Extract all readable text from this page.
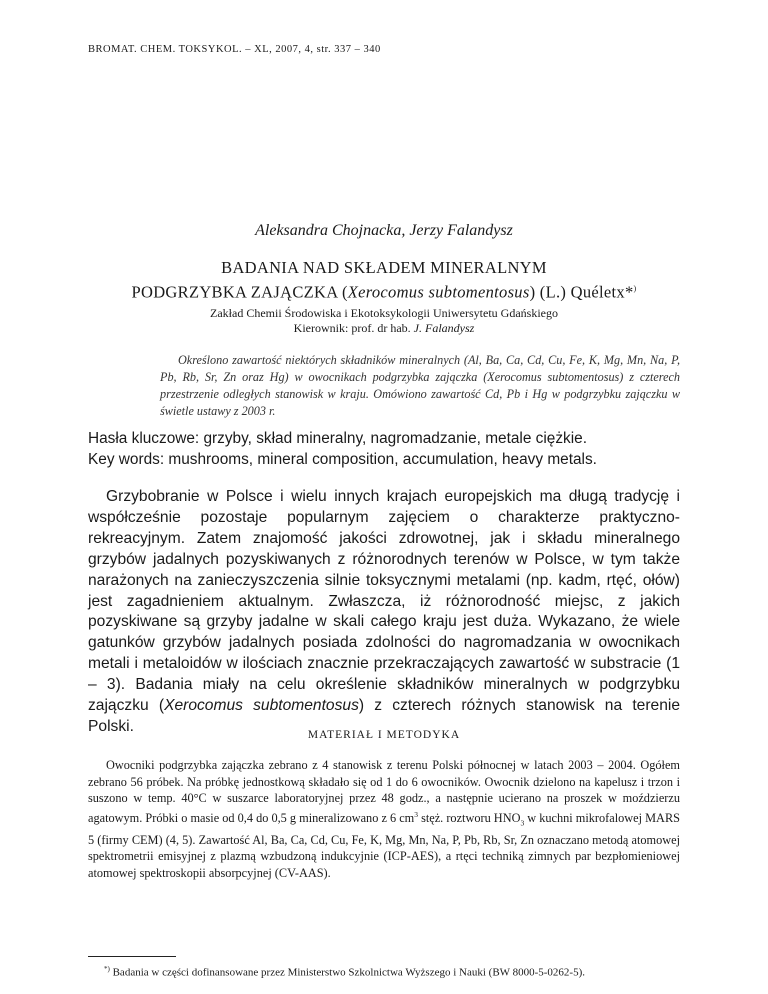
BROMAT. CHEM. TOKSYKOL. – XL, 2007, 4, str. 337 – 340
Aleksandra Chojnacka, Jerzy Falandysz
BADANIA NAD SKŁADEM MINERALNYM
PODGRZYBKA ZAJĄCZKA (Xerocomus subtomentosus) (L.) Quéletx*)
Zakład Chemii Środowiska i Ekotoksykologii Uniwersytetu Gdańskiego
Kierownik: prof. dr hab. J. Falandysz
Określono zawartość niektórych składników mineralnych (Al, Ba, Ca, Cd, Cu, Fe, K, Mg, Mn, Na, P, Pb, Rb, Sr, Zn oraz Hg) w owocnikach podgrzybka zajączka (Xerocomus subtomentosus) z czterech przestrzenie odległych stanowisk w kraju. Omówiono zawartość Cd, Pb i Hg w podgrzybku zajączku w świetle ustawy z 2003 r.
Hasła kluczowe: grzyby, skład mineralny, nagromadzanie, metale ciężkie.
Key words: mushrooms, mineral composition, accumulation, heavy metals.
Grzybobranie w Polsce i wielu innych krajach europejskich ma długą tradycję i współcześnie pozostaje popularnym zajęciem o charakterze praktyczno-rekreacyjnym. Zatem znajomość jakości zdrowotnej, jak i składu mineralnego grzybów jadalnych pozyskiwanych z różnorodnych terenów w Polsce, w tym także narażonych na zanieczyszczenia silnie toksycznymi metalami (np. kadm, rtęć, ołów) jest zagadnieniem aktualnym. Zwłaszcza, iż różnorodność miejsc, z jakich pozyskiwane są grzyby jadalne w skali całego kraju jest duża. Wykazano, że wiele gatunków grzybów jadalnych posiada zdolności do nagromadzania w owocnikach metali i metaloidów w ilościach znacznie przekraczających zawartość w substracie (1 – 3). Badania miały na celu określenie składników mineralnych w podgrzybku zajączku (Xerocomus subtomentosus) z czterech różnych stanowisk na terenie Polski.
MATERIAŁ I METODYKA
Owocniki podgrzybka zajączka zebrano z 4 stanowisk z terenu Polski północnej w latach 2003 – 2004. Ogółem zebrano 56 próbek. Na próbkę jednostkową składało się od 1 do 6 owocników. Owocnik dzielono na kapelusz i trzon i suszono w temp. 40°C w suszarce laboratoryjnej przez 48 godz., a następnie ucierano na proszek w moździerzu agatowym. Próbki o masie od 0,4 do 0,5 g mineralizowano z 6 $cm^3$ stęż. roztworu $HNO_3$ w kuchni mikrofalowej MARS 5 (firmy CEM) (4, 5). Zawartość Al, Ba, Ca, Cd, Cu, Fe, K, Mg, Mn, Na, P, Pb, Rb, Sr, Zn oznaczano metodą atomowej spektrometrii emisyjnej z plazmą wzbudzoną indukcyjnie (ICP-AES), a rtęci techniką zimnych par bezpłomieniowej atomowej spektroskopii absorpcyjnej (CV-AAS).
*) Badania w części dofinansowane przez Ministerstwo Szkolnictwa Wyższego i Nauki (BW 8000-5-0262-5).
